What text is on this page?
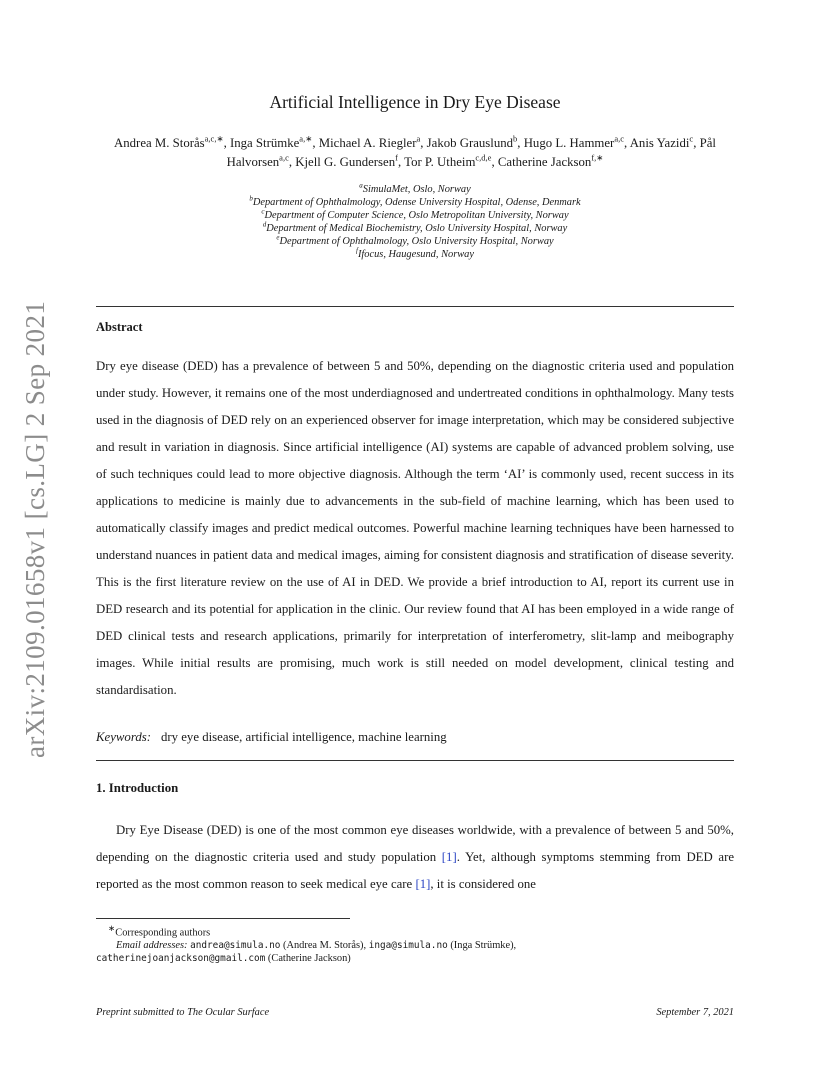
arXiv:2109.01658v1 [cs.LG] 2 Sep 2021
Artificial Intelligence in Dry Eye Disease
Andrea M. Storås$^{a,c,∗}$, Inga Strümke$^{a,∗}$, Michael A. Riegler$^a$, Jakob Grauslund$^b$, Hugo L. Hammer$^{a,c}$, Anis Yazidi$^c$, Pål Halvorsen$^{a,c}$, Kjell G. Gundersen$^f$, Tor P. Utheim$^{c,d,e}$, Catherine Jackson$^{f,∗}$
$^a$SimulaMet, Oslo, Norway
$^b$Department of Ophthalmology, Odense University Hospital, Odense, Denmark
$^c$Department of Computer Science, Oslo Metropolitan University, Norway
$^d$Department of Medical Biochemistry, Oslo University Hospital, Norway
$^e$Department of Ophthalmology, Oslo University Hospital, Norway
$^f$Ifocus, Haugesund, Norway
Abstract
Dry eye disease (DED) has a prevalence of between 5 and 50%, depending on the diagnostic criteria used and population under study. However, it remains one of the most underdiagnosed and undertreated conditions in ophthalmology. Many tests used in the diagnosis of DED rely on an experienced observer for image interpretation, which may be considered subjective and result in variation in diagnosis. Since artificial intelligence (AI) systems are capable of advanced problem solving, use of such techniques could lead to more objective diagnosis. Although the term ‘AI’ is commonly used, recent success in its applications to medicine is mainly due to advancements in the sub-field of machine learning, which has been used to automatically classify images and predict medical outcomes. Powerful machine learning techniques have been harnessed to understand nuances in patient data and medical images, aiming for consistent diagnosis and stratification of disease severity. This is the first literature review on the use of AI in DED. We provide a brief introduction to AI, report its current use in DED research and its potential for application in the clinic. Our review found that AI has been employed in a wide range of DED clinical tests and research applications, primarily for interpretation of interferometry, slit-lamp and meibography images. While initial results are promising, much work is still needed on model development, clinical testing and standardisation.
Keywords: dry eye disease, artificial intelligence, machine learning
1. Introduction
Dry Eye Disease (DED) is one of the most common eye diseases worldwide, with a prevalence of between 5 and 50%, depending on the diagnostic criteria used and study population [1]. Yet, although symptoms stemming from DED are reported as the most common reason to seek medical eye care [1], it is considered one
∗Corresponding authors
Email addresses: andrea@simula.no (Andrea M. Storås), inga@simula.no (Inga Strümke),
catherinejoanjackson@gmail.com (Catherine Jackson)
Preprint submitted to The Ocular Surface	September 7, 2021
